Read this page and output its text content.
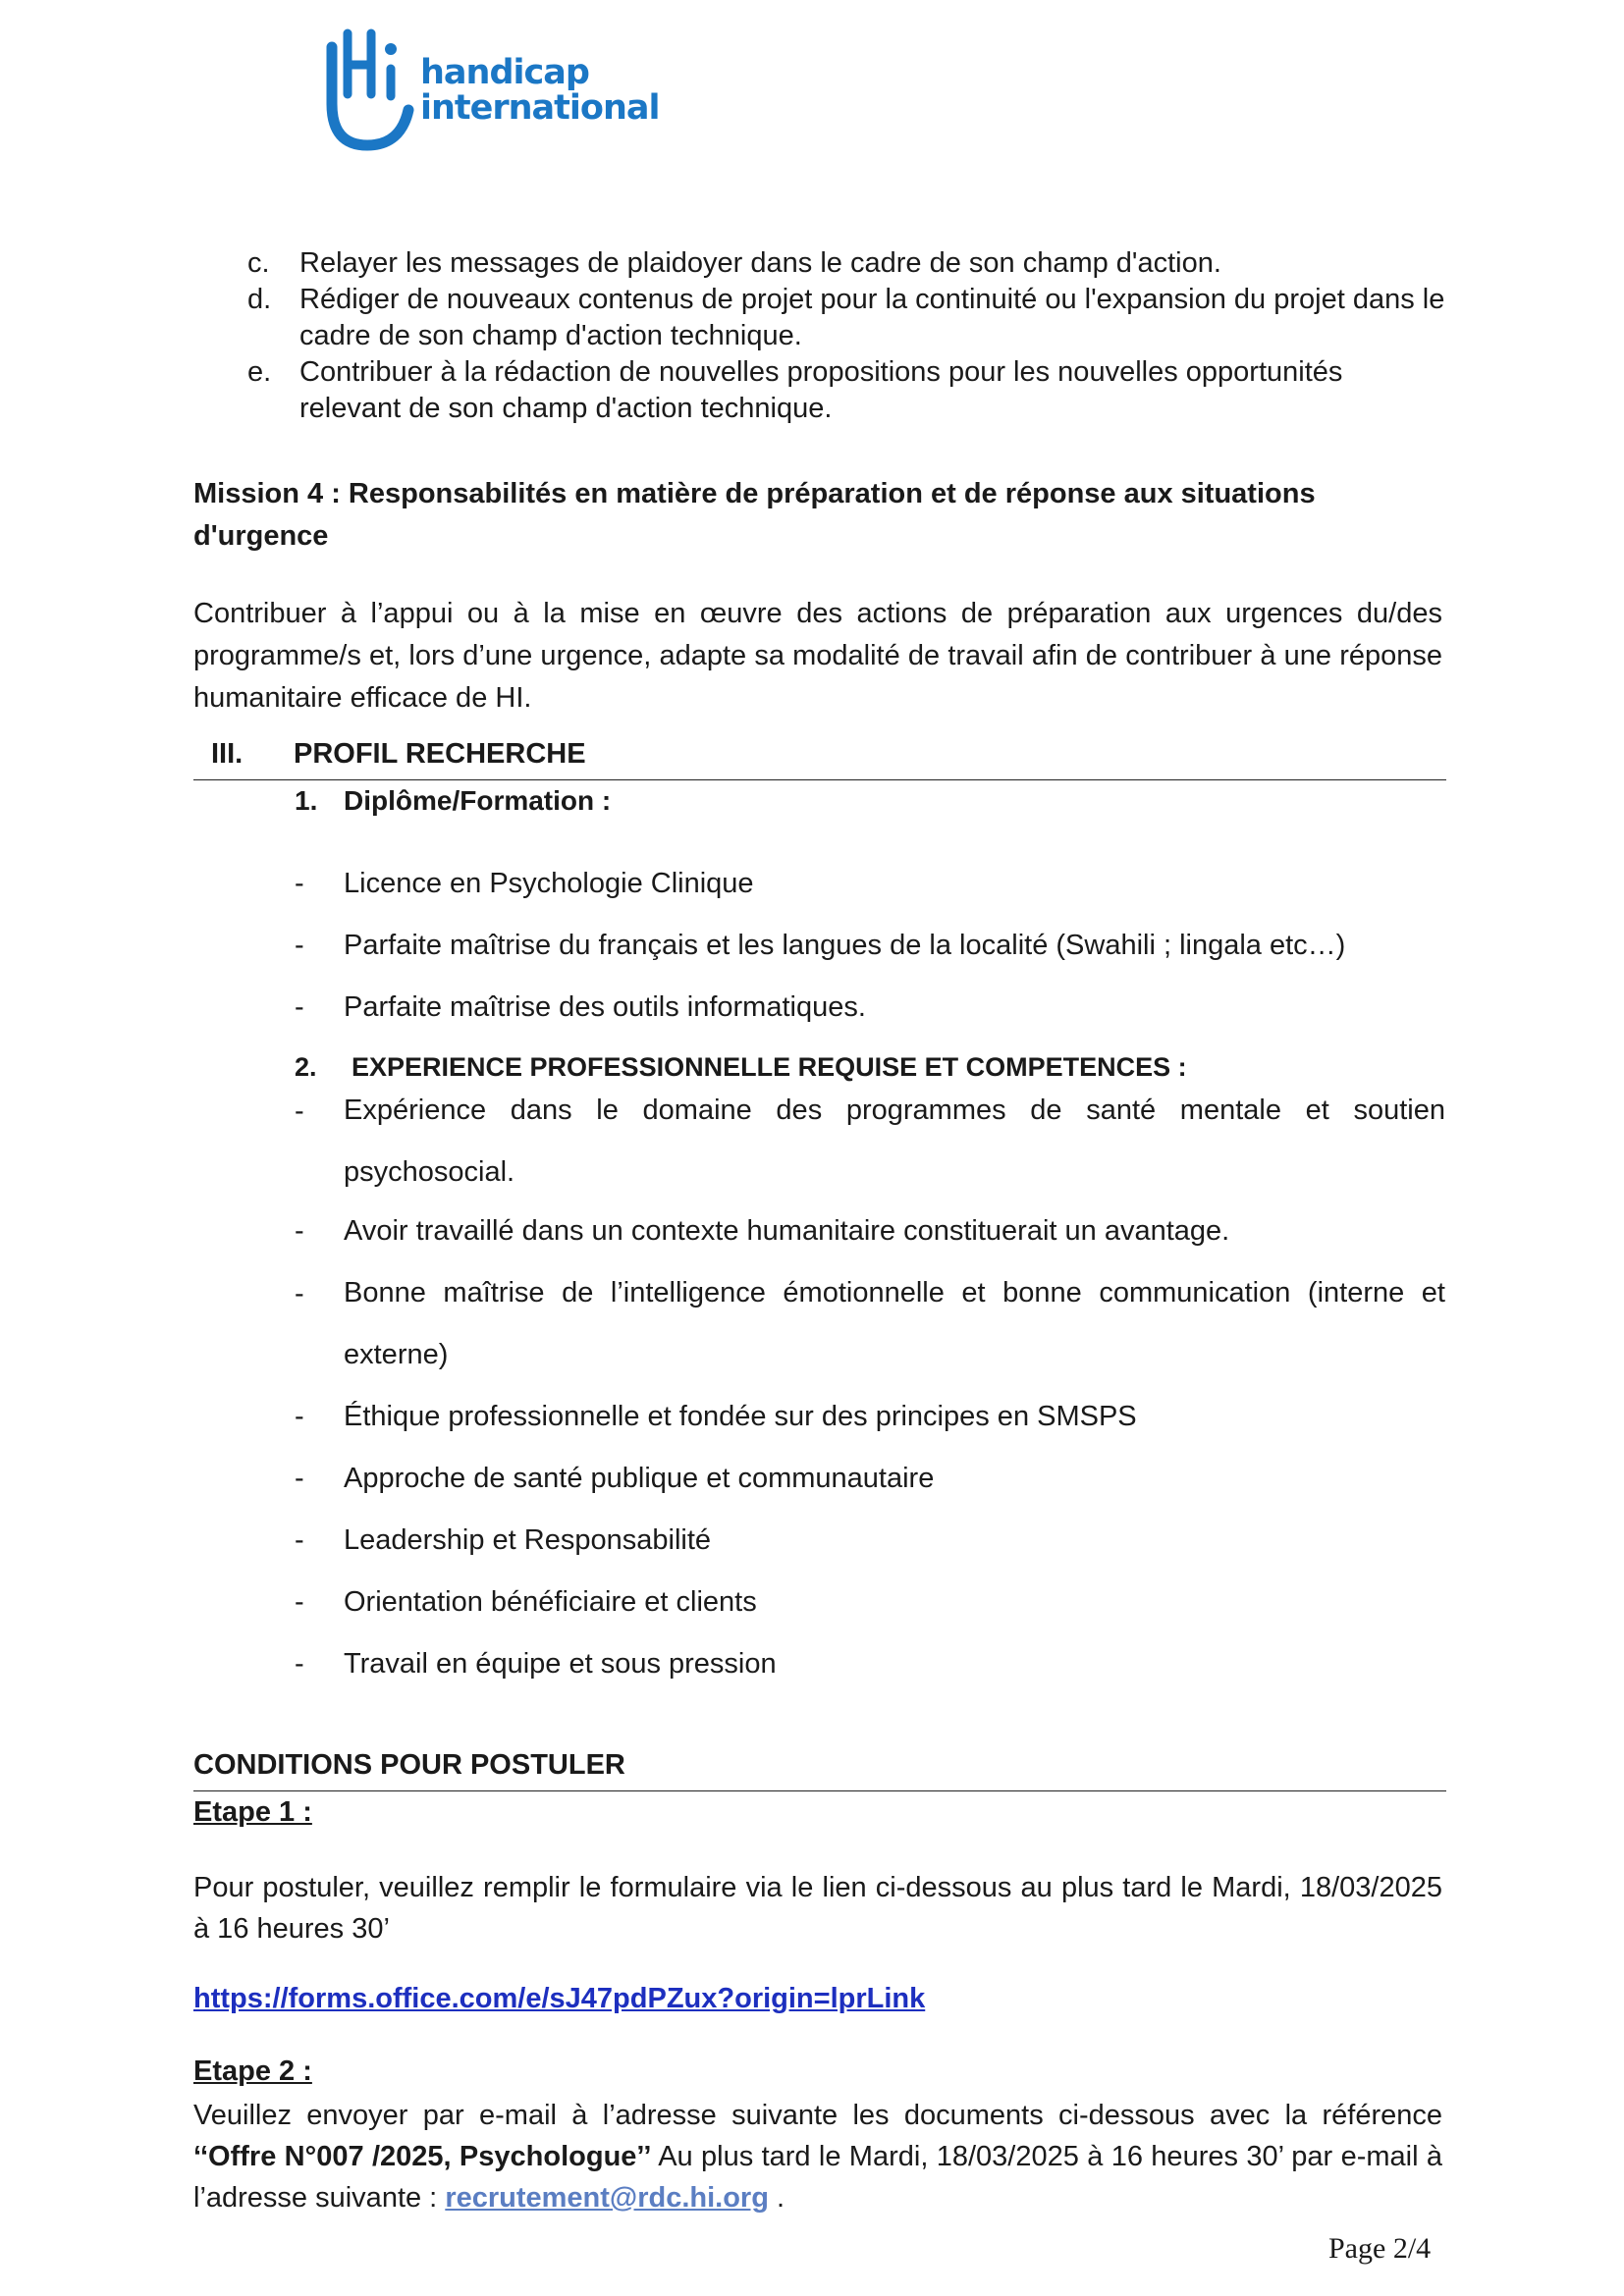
handicap
international
c. Relayer les messages de plaidoyer dans le cadre de son champ d'action.
d. Rédiger de nouveaux contenus de projet pour la continuité ou l'expansion du projet dans le cadre de son champ d'action technique.
e. Contribuer à la rédaction de nouvelles propositions pour les nouvelles opportunités relevant de son champ d'action technique.
Mission 4 : Responsabilités en matière de préparation et de réponse aux situations d'urgence
Contribuer à l’appui ou à la mise en œuvre des actions de préparation aux urgences du/des programme/s et, lors d’une urgence, adapte sa modalité de travail afin de contribuer à une réponse humanitaire efficace de HI.
III. PROFIL RECHERCHE
1. Diplôme/Formation :
- Licence en Psychologie Clinique
- Parfaite maîtrise du français et les langues de la localité (Swahili ; lingala etc…)
- Parfaite maîtrise des outils informatiques.
2. EXPERIENCE PROFESSIONNELLE REQUISE ET COMPETENCES :
- Expérience dans le domaine des programmes de santé mentale et soutien psychosocial.
- Avoir travaillé dans un contexte humanitaire constituerait un avantage.
- Bonne maîtrise de l’intelligence émotionnelle et bonne communication (interne et externe)
- Éthique professionnelle et fondée sur des principes en SMSPS
- Approche de santé publique et communautaire
- Leadership et Responsabilité
- Orientation bénéficiaire et clients
- Travail en équipe et sous pression
CONDITIONS POUR POSTULER
Etape 1 :
Pour postuler, veuillez remplir le formulaire via le lien ci-dessous au plus tard le Mardi, 18/03/2025 à 16 heures 30’
https://forms.office.com/e/sJ47pdPZux?origin=lprLink
Etape 2 :
Veuillez envoyer par e-mail à l’adresse suivante les documents ci-dessous avec la référence ‘‘Offre N°007 /2025, Psychologue’’ Au plus tard le Mardi, 18/03/2025 à 16 heures 30’ par e-mail à l’adresse suivante : recrutement@rdc.hi.org .
Page 2/4
